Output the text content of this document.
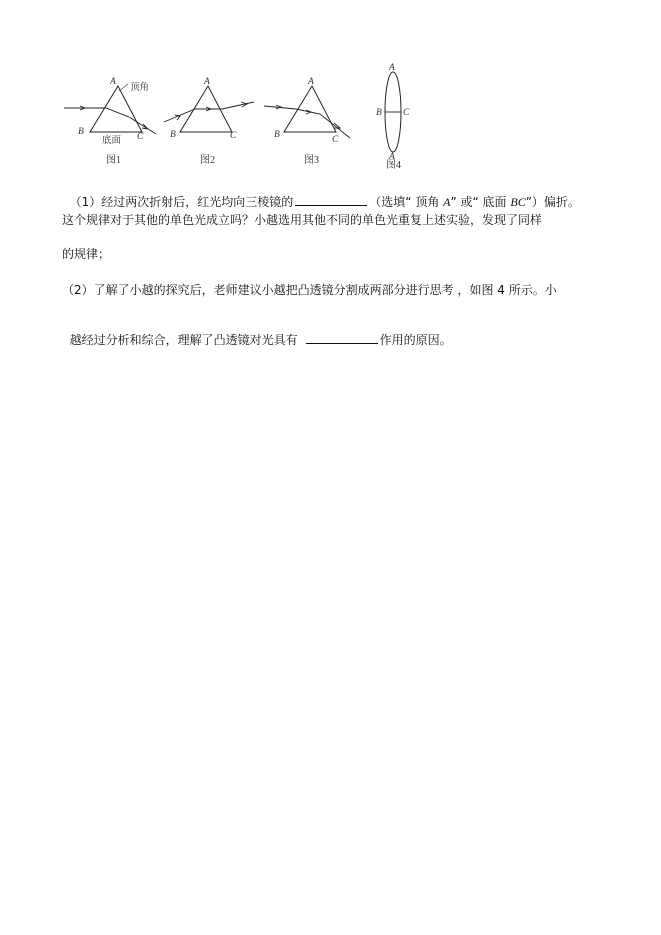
A 顶角
B	C
底面
图1
A
B	C
图2
A
B	C
图3
A
B C
A
图4

（1）经过两次折射后，红光均向三棱镜的	（选填“ 顶角 A” 或“ 底面 BC”）偏折。

这个规律对于其他的单色光成立吗？小越选用其他不同的单色光重复上述实验，发现了同样
的规律；
（2）了解了小越的探究后，老师建议小越把凸透镜分割成两部分进行思考 ，如图 4 所示。小

越经过分析和综合，理解了凸透镜对光具有	作用的原因。
